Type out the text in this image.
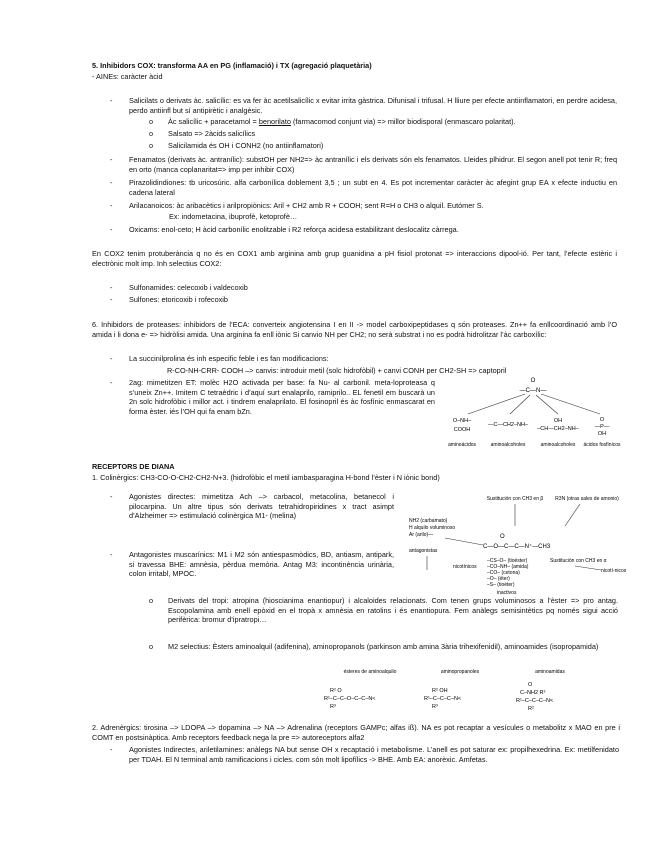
5. Inhibidors COX: transforma AA en PG (inflamació) i TX (agregació plaquetària)
- AINEs: caràcter àcid
- Salicilats o derivats àc. salicílic: es va fer àc acetilsalicílic x evitar irrita gàstrica. Difunisal i trifusal. H lliure per efecte antiinflamatori, en perdre acidesa, perdo antiinfl but sí antipirètic i analgèsic.
o Àc salicílic + paracetamol = benorilato (farmacomod conjunt via) => millor biodisporal (enmascaro polaritat).
o Salsato => 2àcids salicílics
o Salicilamida és OH i CONH2 (no antiinflamatori)
- Fenamatos (derivats àc. antranílic): substOH per NH2=> àc antranílic i els derivats són els fenamatos. Lleides plhidrur. El segon anell pot tenir R; freq en orto (manca coplanaritat=> imp per inhibir COX)
- Pirazolidindiones: tb uricosúric. alfa carbonílica doblement 3,5 ; un subt en 4. Es pot incrementar caràcter àc afegint grup EA x efecte inductiu en cadena lateral
- Arilacanoicos: àc aribacètics i arilpropiònics: Aril + CH2 amb R + COOH; sent R=H o CH3 o alquil. Eutómer S.
Ex: indometacina, ibuprofè, ketoprofè…
- Oxicams: enol-ceto; H àcid carbonílic enolitzable i R2 reforça acidesa estabilitzant deslocalitz càrrega.
En COX2 tenim protuberància q no és en COX1 amb arginina amb grup guanidina a pH fisiol protonat => interaccions dipool-ió. Per tant, l’efecte estèric i electrònic molt imp. Inh selectius COX2:
- Sulfonamides: celecoxib i valdecoxib
- Sulfones: etoricoxib i rofecoxib
6. Inhibidors de proteases: inhibidors de l’ECA: converteix angiotensina I en II -> model carboxipeptidases q són proteases. Zn++ fa enllcoordinació amb l’O amida i li dona e- => hidròlisi amida. Una arginina fa enll iònic Si canvio NH per CH2; no serà substrat i no es podrà hidrolitzar l’àc carboxílic:
- La succinilprolina és inh especific feble i es fan modificacions:
R-CO-NH-CRR- COOH –> canvis: introduir metil (solc hidrofòbil) + canvi CONH per CH2-SH => captopril
- 2ag: mimetitzen ET: molèc H2O activada per base: fa Nu- al carbonil. meta-loproteasa q s’uneix Zn++. Imitem C tetraèdric i d’aquí surt enalaprilo, ramiprilo.. EL fenetil em buscarà un 2n solc hidrofòbic i millor act. i tindrem enalaprilato. El fosinopril és àc fosfínic enmascarat en forma èster. iés l’OH qui fa enam bZn.
O
—C—N—
O–NH–
COOH
—C—CH2–NH–
OH
–CH—CH2–NH–
O
—P—
OH
aminoácidos	aminoalcoholes	aminoalcoholes ácidos fosfínicos
RECEPTORS DE DIANA
1. Colinèrgics: CH3-CO-O-CH2-CH2-N+3. (hidrofòbic el metil iambasparagina H-bond l’èster i N iònic bond)
- Agonistes directes: mimetitza Ach –> carbacol, metacolina, betanecol i pilocarpina. Un altre tipus són derivats tetrahidropiridines x tract asimpt d’Alzheimer => estimulació colinèrgica M1- (melina)
- Antagonistes muscarínics: M1 i M2 són antiespasmòdics, BD, antiasm, antipark, si travessa BHE: amnèsia, pèrdua memòria. Antag M3: incontinència urinària, colon irritabl, MPOC.
o Derivats del tropi: atropina (hioscianima enantiopur) i alcaloides relacionats. Com tenen grups voluminosos a l’èster => pro antag. Escopolamina amb enell epòxid en el tropà x amnèsia en ratolins i és enantiopura. Fem anàlegs semisintètics pq només sigui acció perifèrica: bromur d’ipratropi…
o M2 selectius: Èsters aminoalquil (adifenina), aminopropanols (parkinson amb amina 3ària trihexifenidil), aminoamides (isopropamida)
Sustitución con CH3 en β R3N (otras sales de amonio)
NH2 (carbamato)
H alquilo voluminoso
Ar (arilo)—	O
C—O—C—C—N⁺—CH3
antagonistas
nicotínicos
–CS–O– (tioéster)
–CO–NH– (amida)
–CO– (cetona)
–O– (éter)
–S– (tioéter)
inactivos
Sustitución con CH3 en α
nicotí-nicos
ésteres de aminoalquilo	aminopropanoles	aminoamidas
R² O
R¹–C–C–O–C–C–N<
R³
R² OH
R¹–C–C–C–N<
R³
O
C–NH2 R³
R¹–C–C–C–N<
R²
2. Adrenèrgics: tirosina –> LDOPA –> dopamina –> NA –> Adrenalina (receptors GAMPc; alfas iß). NA es pot recaptar a vesícules o metabolitz x MAO en pre i COMT en postsinàptica. Amb receptors feedback nega la pre => autoreceptors alfa2
- Agonistes Indirectes, ariletilamines: anàlegs NA but sense OH x recaptació i metabolisme. L’anell es pot saturar ex: propilhexedrina. Ex: metilfenidato per TDAH. El N terminal amb ramificacions i cicles. com són molt lipofílics -> BHE. Amb EA: anorèxic. Amfetas.
